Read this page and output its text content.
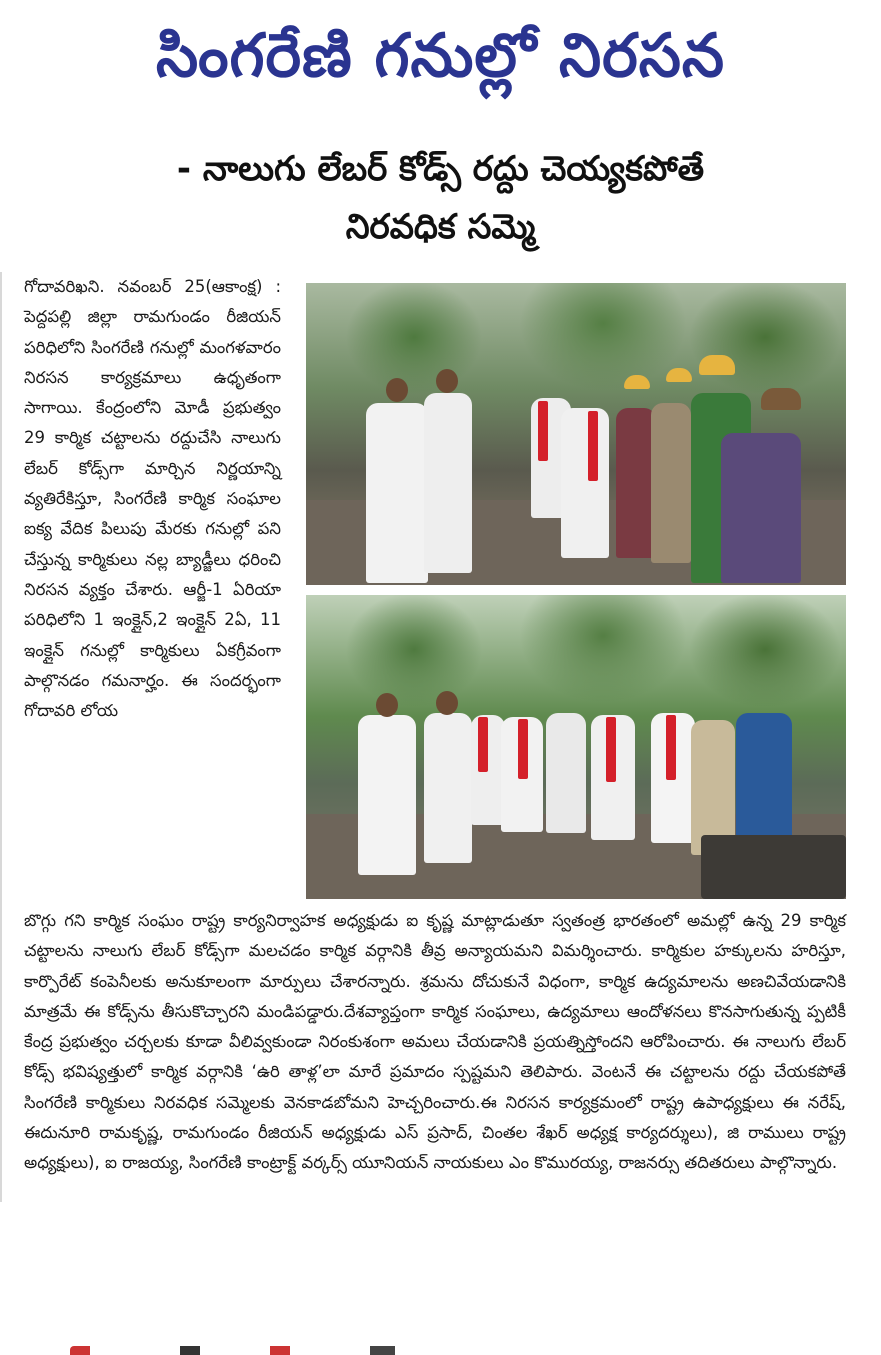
సింగరేణి గనుల్లో నిరసన
- నాలుగు లేబర్ కోడ్స్ రద్దు చెయ్యకపోతే
నిరవధిక సమ్మె
గోదావరిఖని. నవంబర్ 25(ఆకాంక్ష) : పెద్దపల్లి జిల్లా రామగుండం రీజియన్ పరిధిలోని సింగరేణి గనుల్లో మంగళవారం నిరసన కార్యక్రమాలు ఉధృతంగా సాగాయి. కేంద్రంలోని మోడీ ప్రభుత్వం 29 కార్మిక చట్టాలను రద్దుచేసి నాలుగు లేబర్ కోడ్స్‌గా మార్చిన నిర్ణయాన్ని వ్యతిరేకిస్తూ, సింగరేణి కార్మిక సంఘాల ఐక్య వేదిక పిలుపు మేరకు గనుల్లో పని చేస్తున్న కార్మికులు నల్ల బ్యాడ్జీలు ధరించి నిరసన వ్యక్తం చేశారు. ఆర్జీ-1 ఏరియా పరిధిలోని 1 ఇంక్లైన్,2 ఇంక్లైన్ 2ఏ, 11 ఇంక్లైన్ గనుల్లో కార్మికులు ఏకగ్రీవంగా పాల్గొనడం గమనార్హం. ఈ సందర్భంగా గోదావరి లోయ
బొగ్గు గని కార్మిక సంఘం రాష్ట్ర కార్యనిర్వాహక అధ్యక్షుడు ఐ కృష్ణ మాట్లాడుతూ స్వతంత్ర భారతంలో అమల్లో ఉన్న 29 కార్మిక చట్టాలను నాలుగు లేబర్ కోడ్స్‌గా మలచడం కార్మిక వర్గానికి తీవ్ర అన్యాయమని విమర్శించారు. కార్మికుల హక్కులను హరిస్తూ, కార్పొరేట్ కంపెనీలకు అనుకూలంగా మార్పులు చేశారన్నారు. శ్రమను దోచుకునే విధంగా, కార్మిక ఉద్యమాలను అణచివేయడానికి మాత్రమే ఈ కోడ్స్‌ను తీసుకొచ్చారని మండిపడ్డారు.దేశవ్యాప్తంగా కార్మిక సంఘాలు, ఉద్యమాలు ఆందోళనలు కొనసాగుతున్న ప్పటికీ కేంద్ర ప్రభుత్వం చర్చలకు కూడా వీలివ్వకుండా నిరంకుశంగా అమలు చేయడానికి ప్రయత్నిస్తోందని ఆరోపించారు. ఈ నాలుగు లేబర్ కోడ్స్ భవిష్యత్తులో కార్మిక వర్గానికి ‘ఉరి తాళ్ల’లా మారే ప్రమాదం స్పష్టమని తెలిపారు. వెంటనే ఈ చట్టాలను రద్దు చేయకపోతే సింగరేణి కార్మికులు నిరవధిక సమ్మెలకు వెనకాడబోమని హెచ్చరించారు.ఈ నిరసన కార్యక్రమంలో రాష్ట్ర ఉపాధ్యక్షులు ఈ నరేష్, ఈదునూరి రామకృష్ణ, రామగుండం రీజియన్ అధ్యక్షుడు ఎస్ ప్రసాద్, చింతల శేఖర్ అధ్యక్ష కార్యదర్శులు), జి రాములు రాష్ట్ర అధ్యక్షులు), ఐ రాజయ్య, సింగరేణి కాంట్రాక్ట్ వర్కర్స్ యూనియన్ నాయకులు ఎం కొమురయ్య, రాజనర్సు తదితరులు పాల్గొన్నారు.
